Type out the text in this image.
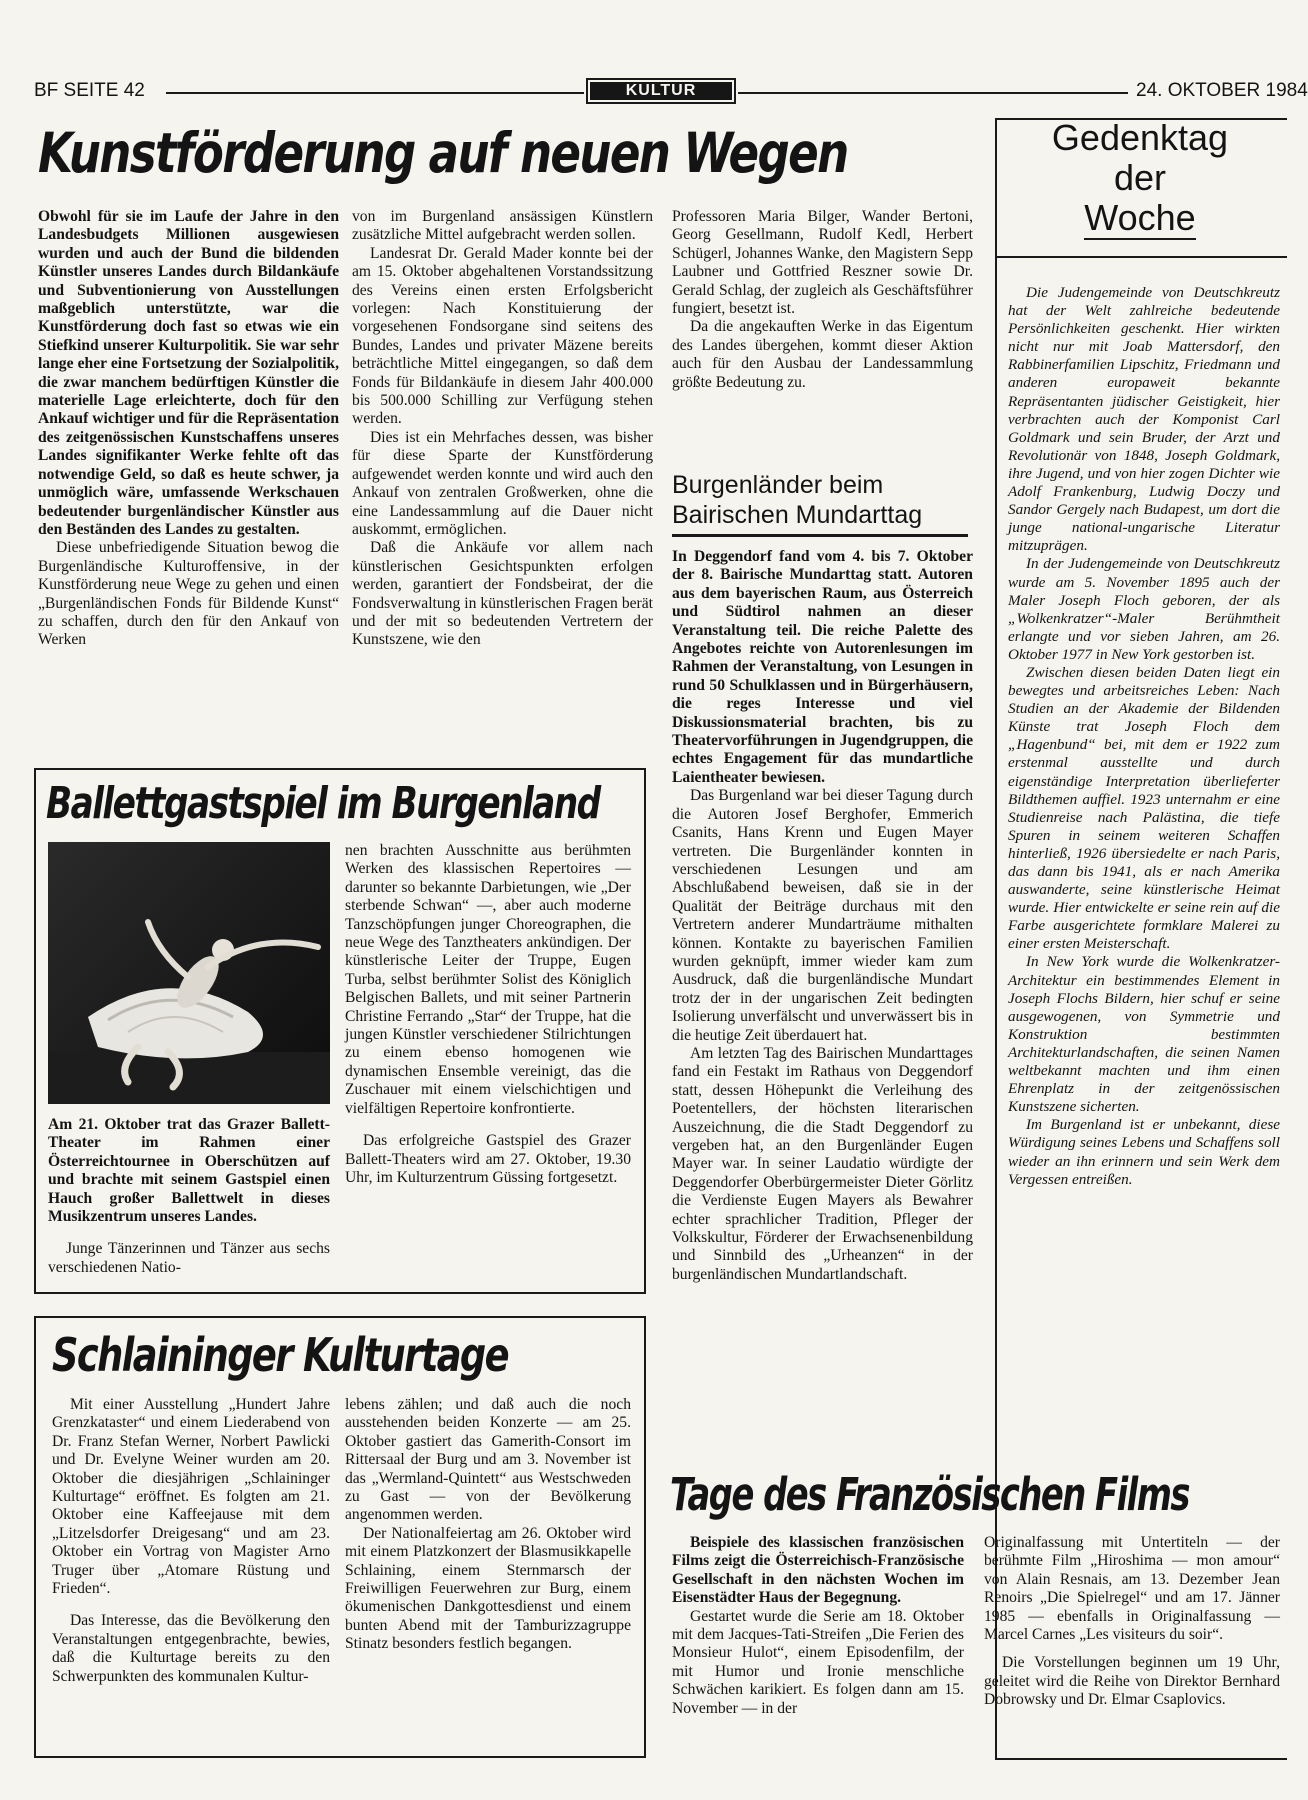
BF SEITE 42	KULTUR	24. OKTOBER 1984
Kunstförderung auf neuen Wegen

Obwohl für sie im Laufe der Jahre in den Landesbudgets Millionen ausgewiesen wurden und auch der Bund die bildenden Künstler unseres Landes durch Bildankäufe und Subventionierung von Ausstellungen maßgeblich unterstützte, war die Kunstförderung doch fast so etwas wie ein Stiefkind unserer Kulturpolitik. Sie war sehr lange eher eine Fortsetzung der Sozialpolitik, die zwar manchem bedürftigen Künstler die materielle Lage erleichterte, doch für den Ankauf wichtiger und für die Repräsentation des zeitgenössischen Kunstschaffens unseres Landes signifikanter Werke fehlte oft das notwendige Geld, so daß es heute schwer, ja unmöglich wäre, umfassende Werkschauen bedeutender burgenländischer Künstler aus den Beständen des Landes zu gestalten.

Diese unbefriedigende Situation bewog die Burgenländische Kulturoffensive, in der Kunstförderung neue Wege zu gehen und einen „Burgenländischen Fonds für Bildende Kunst“ zu schaffen, durch den für den Ankauf von Werken

von im Burgenland ansässigen Künstlern zusätzliche Mittel aufgebracht werden sollen.

Landesrat Dr. Gerald Mader konnte bei der am 15. Oktober abgehaltenen Vorstandssitzung des Vereins einen ersten Erfolgsbericht vorlegen: Nach Konstituierung der vorgesehenen Fondsorgane sind seitens des Bundes, Landes und privater Mäzene bereits beträchtliche Mittel eingegangen, so daß dem Fonds für Bildankäufe in diesem Jahr 400.000 bis 500.000 Schilling zur Verfügung stehen werden.

Dies ist ein Mehrfaches dessen, was bisher für diese Sparte der Kunstförderung aufgewendet werden konnte und wird auch den Ankauf von zentralen Großwerken, ohne die eine Landessammlung auf die Dauer nicht auskommt, ermöglichen.

Daß die Ankäufe vor allem nach künstlerischen Gesichtspunkten erfolgen werden, garantiert der Fondsbeirat, der die Fondsverwaltung in künstlerischen Fragen berät und der mit so bedeutenden Vertretern der Kunstszene, wie den

Professoren Maria Bilger, Wander Bertoni, Georg Gesellmann, Rudolf Kedl, Herbert Schügerl, Johannes Wanke, den Magistern Sepp Laubner und Gottfried Reszner sowie Dr. Gerald Schlag, der zugleich als Geschäftsführer fungiert, besetzt ist.

Da die angekauften Werke in das Eigentum des Landes übergehen, kommt dieser Aktion auch für den Ausbau der Landessammlung größte Bedeutung zu.

Burgenländer beim
Bairischen Mundarttag

In Deggendorf fand vom 4. bis 7. Oktober der 8. Bairische Mundarttag statt. Autoren aus dem bayerischen Raum, aus Österreich und Südtirol nahmen an dieser Veranstaltung teil. Die reiche Palette des Angebotes reichte von Autorenlesungen im Rahmen der Veranstaltung, von Lesungen in rund 50 Schulklassen und in Bürgerhäusern, die reges Interesse und viel Diskussionsmaterial brachten, bis zu Theatervorführungen in Jugendgruppen, die echtes Engagement für das mundartliche Laientheater bewiesen.

Das Burgenland war bei dieser Tagung durch die Autoren Josef Berghofer, Emmerich Csanits, Hans Krenn und Eugen Mayer vertreten. Die Burgenländer konnten in verschiedenen Lesungen und am Abschlußabend beweisen, daß sie in der Qualität der Beiträge durchaus mit den Vertretern anderer Mundarträume mithalten können. Kontakte zu bayerischen Familien wurden geknüpft, immer wieder kam zum Ausdruck, daß die burgenländische Mundart trotz der in der ungarischen Zeit bedingten Isolierung unverfälscht und unverwässert bis in die heutige Zeit überdauert hat.

Am letzten Tag des Bairischen Mundarttages fand ein Festakt im Rathaus von Deggendorf statt, dessen Höhepunkt die Verleihung des Poetentellers, der höchsten literarischen Auszeichnung, die die Stadt Deggendorf zu vergeben hat, an den Burgenländer Eugen Mayer war. In seiner Laudatio würdigte der Deggendorfer Oberbürgermeister Dieter Görlitz die Verdienste Eugen Mayers als Bewahrer echter sprachlicher Tradition, Pfleger der Volkskultur, Förderer der Erwachsenenbildung und Sinnbild des „Urheanzen“ in der burgenländischen Mundartlandschaft.

Gedenktag
der
Woche

Die Judengemeinde von Deutschkreutz hat der Welt zahlreiche bedeutende Persönlichkeiten geschenkt. Hier wirkten nicht nur mit Joab Mattersdorf, den Rabbinerfamilien Lipschitz, Friedmann und anderen europaweit bekannte Repräsentanten jüdischer Geistigkeit, hier verbrachten auch der Komponist Carl Goldmark und sein Bruder, der Arzt und Revolutionär von 1848, Joseph Goldmark, ihre Jugend, und von hier zogen Dichter wie Adolf Frankenburg, Ludwig Doczy und Sandor Gergely nach Budapest, um dort die junge national-ungarische Literatur mitzuprägen.

In der Judengemeinde von Deutschkreutz wurde am 5. November 1895 auch der Maler Joseph Floch geboren, der als „Wolkenkratzer“-Maler Berühmtheit erlangte und vor sieben Jahren, am 26. Oktober 1977 in New York gestorben ist.

Zwischen diesen beiden Daten liegt ein bewegtes und arbeitsreiches Leben: Nach Studien an der Akademie der Bildenden Künste trat Joseph Floch dem „Hagenbund“ bei, mit dem er 1922 zum erstenmal ausstellte und durch eigenständige Interpretation überlieferter Bildthemen auffiel. 1923 unternahm er eine Studienreise nach Palästina, die tiefe Spuren in seinem weiteren Schaffen hinterließ, 1926 übersiedelte er nach Paris, das dann bis 1941, als er nach Amerika auswanderte, seine künstlerische Heimat wurde. Hier entwickelte er seine rein auf die Farbe ausgerichtete formklare Malerei zu einer ersten Meisterschaft.

In New York wurde die Wolkenkratzer-Architektur ein bestimmendes Element in Joseph Flochs Bildern, hier schuf er seine ausgewogenen, von Symmetrie und Konstruktion bestimmten Architekturlandschaften, die seinen Namen weltbekannt machten und ihm einen Ehrenplatz in der zeitgenössischen Kunstszene sicherten.

Im Burgenland ist er unbekannt, diese Würdigung seines Lebens und Schaffens soll wieder an ihn erinnern und sein Werk dem Vergessen entreißen.

Ballettgastspiel im Burgenland

Am 21. Oktober trat das Grazer Ballett-Theater im Rahmen einer Österreichtournee in Oberschützen auf und brachte mit seinem Gastspiel einen Hauch großer Ballettwelt in dieses Musikzentrum unseres Landes.

Junge Tänzerinnen und Tänzer aus sechs verschiedenen Natio-

nen brachten Ausschnitte aus berühmten Werken des klassischen Repertoires — darunter so bekannte Darbietungen, wie „Der sterbende Schwan“ —, aber auch moderne Tanzschöpfungen junger Choreographen, die neue Wege des Tanztheaters ankündigen. Der künstlerische Leiter der Truppe, Eugen Turba, selbst berühmter Solist des Königlich Belgischen Ballets, und mit seiner Partnerin Christine Ferrando „Star“ der Truppe, hat die jungen Künstler verschiedener Stilrichtungen zu einem ebenso homogenen wie dynamischen Ensemble vereinigt, das die Zuschauer mit einem vielschichtigen und vielfältigen Repertoire konfrontierte.

Das erfolgreiche Gastspiel des Grazer Ballett-Theaters wird am 27. Oktober, 19.30 Uhr, im Kulturzentrum Güssing fortgesetzt.

Schlaininger Kulturtage

Mit einer Ausstellung „Hundert Jahre Grenzkataster“ und einem Liederabend von Dr. Franz Stefan Werner, Norbert Pawlicki und Dr. Evelyne Weiner wurden am 20. Oktober die diesjährigen „Schlaininger Kulturtage“ eröffnet. Es folgten am 21. Oktober eine Kaffeejause mit dem „Litzelsdorfer Dreigesang“ und am 23. Oktober ein Vortrag von Magister Arno Truger über „Atomare Rüstung und Frieden“.

Das Interesse, das die Bevölkerung den Veranstaltungen entgegenbrachte, bewies, daß die Kulturtage bereits zu den Schwerpunkten des kommunalen Kultur-

lebens zählen; und daß auch die noch ausstehenden beiden Konzerte — am 25. Oktober gastiert das Gamerith-Consort im Rittersaal der Burg und am 3. November ist das „Wermland-Quintett“ aus Westschweden zu Gast — von der Bevölkerung angenommen werden.

Der Nationalfeiertag am 26. Oktober wird mit einem Platzkonzert der Blasmusikkapelle Schlaining, einem Sternmarsch der Freiwilligen Feuerwehren zur Burg, einem ökumenischen Dankgottesdienst und einem bunten Abend mit der Tamburizzagruppe Stinatz besonders festlich begangen.

Tage des Französischen Films

Beispiele des klassischen französischen Films zeigt die Österreichisch-Französische Gesellschaft in den nächsten Wochen im Eisenstädter Haus der Begegnung.

Gestartet wurde die Serie am 18. Oktober mit dem Jacques-Tati-Streifen „Die Ferien des Monsieur Hulot“, einem Episodenfilm, der mit Humor und Ironie menschliche Schwächen karikiert. Es folgen dann am 15. November — in der

Originalfassung mit Untertiteln — der berühmte Film „Hiroshima — mon amour“ von Alain Resnais, am 13. Dezember Jean Renoirs „Die Spielregel“ und am 17. Jänner 1985 — ebenfalls in Originalfassung — Marcel Carnes „Les visiteurs du soir“.

Die Vorstellungen beginnen um 19 Uhr, geleitet wird die Reihe von Direktor Bernhard Dobrowsky und Dr. Elmar Csaplovics.
